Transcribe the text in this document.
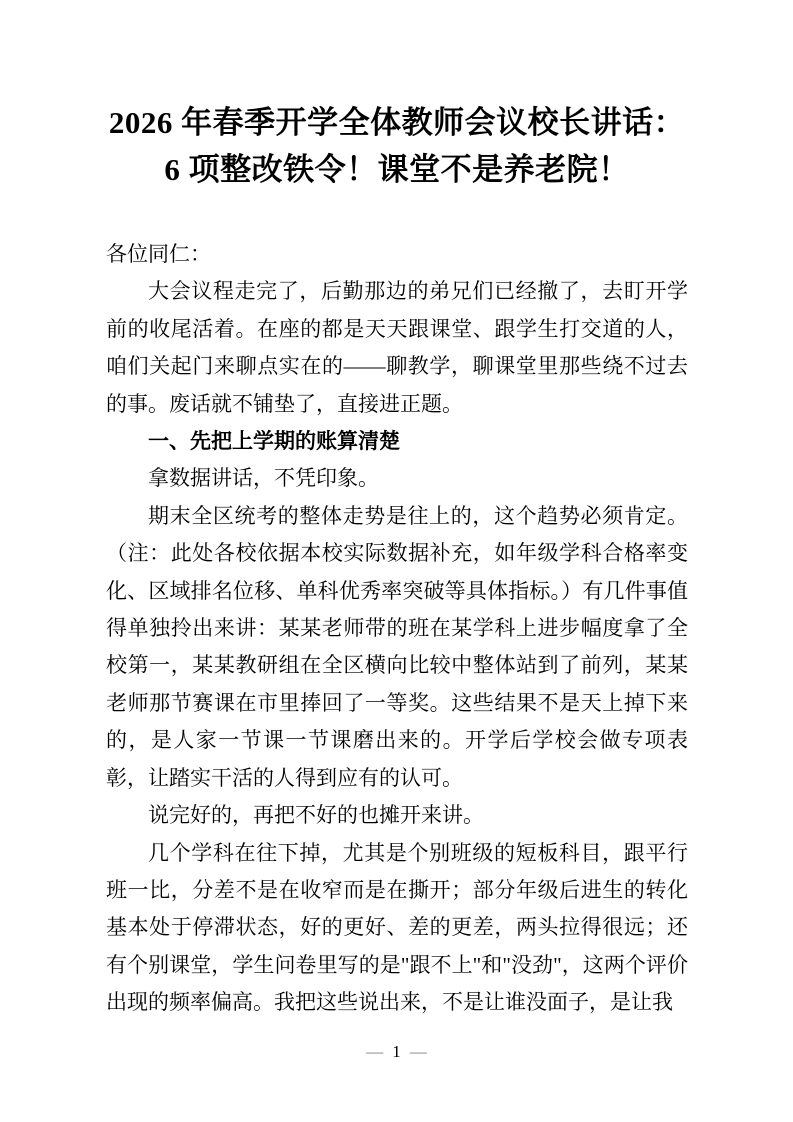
2026 年春季开学全体教师会议校长讲话：
6 项整改铁令！课堂不是养老院！

各位同仁：

大会议程走完了，后勤那边的弟兄们已经撤了，去盯开学前的收尾活着。在座的都是天天跟课堂、跟学生打交道的人，咱们关起门来聊点实在的——聊教学，聊课堂里那些绕不过去的事。废话就不铺垫了，直接进正题。

一、先把上学期的账算清楚

拿数据讲话，不凭印象。

期末全区统考的整体走势是往上的，这个趋势必须肯定。（注：此处各校依据本校实际数据补充，如年级学科合格率变化、区域排名位移、单科优秀率突破等具体指标。）有几件事值得单独拎出来讲：某某老师带的班在某学科上进步幅度拿了全校第一，某某教研组在全区横向比较中整体站到了前列，某某老师那节赛课在市里捧回了一等奖。这些结果不是天上掉下来的，是人家一节课一节课磨出来的。开学后学校会做专项表彰，让踏实干活的人得到应有的认可。

说完好的，再把不好的也摊开来讲。

几个学科在往下掉，尤其是个别班级的短板科目，跟平行班一比，分差不是在收窄而是在撕开；部分年级后进生的转化基本处于停滞状态，好的更好、差的更差，两头拉得很远；还有个别课堂，学生问卷里写的是"跟不上"和"没劲"，这两个评价出现的频率偏高。我把这些说出来，不是让谁没面子，是让我

— 1 —
